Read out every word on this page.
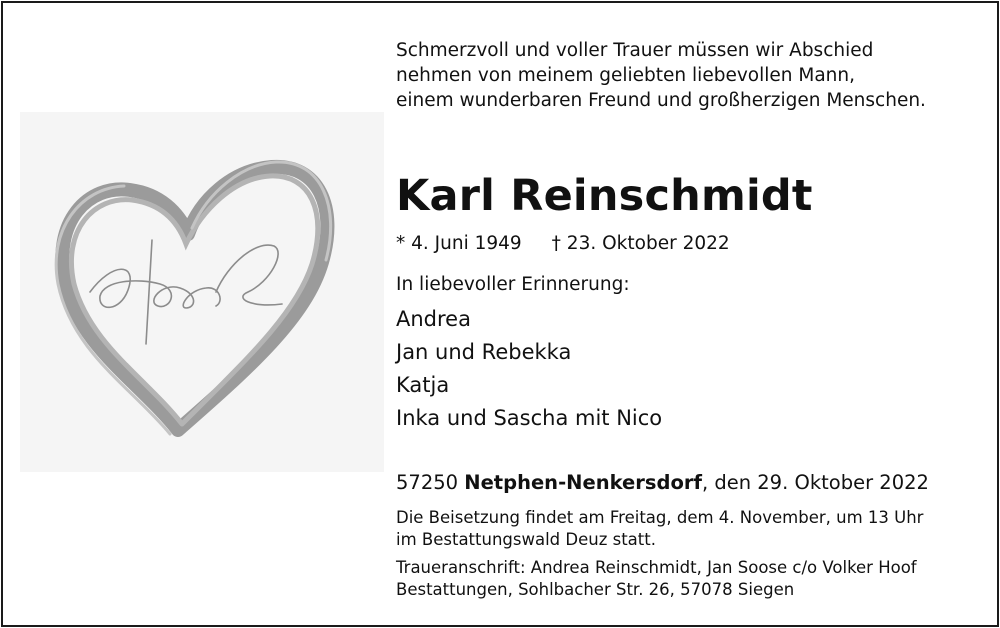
Schmerzvoll und voller Trauer müssen wir Abschied
nehmen von meinem geliebten liebevollen Mann,
einem wunderbaren Freund und großherzigen Menschen.
Karl Reinschmidt
* 4. Juni 1949 † 23. Oktober 2022
In liebevoller Erinnerung:
Andrea
Jan und Rebekka
Katja
Inka und Sascha mit Nico
57250 Netphen-Nenkersdorf, den 29. Oktober 2022
Die Beisetzung findet am Freitag, dem 4. November, um 13 Uhr
im Bestattungswald Deuz statt.
Traueranschrift: Andrea Reinschmidt, Jan Soose c/o Volker Hoof
Bestattungen, Sohlbacher Str. 26, 57078 Siegen
